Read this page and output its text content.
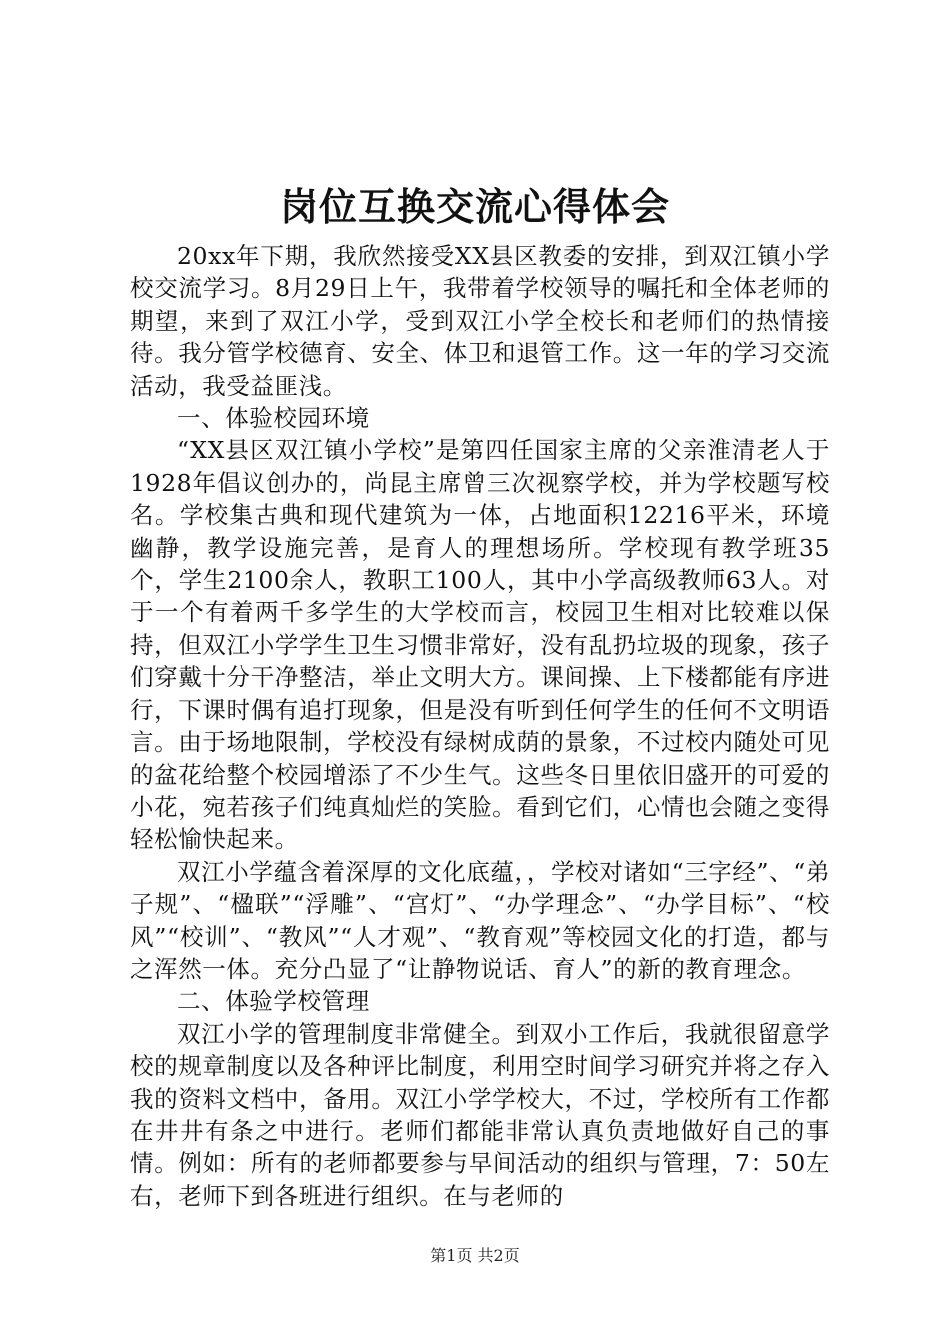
岗位互换交流心得体会

20xx年下期，我欣然接受XX县区教委的安排，到双江镇小学校交流学习。8月29日上午，我带着学校领导的嘱托和全体老师的期望，来到了双江小学，受到双江小学全校长和老师们的热情接待。我分管学校德育、安全、体卫和退管工作。这一年的学习交流活动，我受益匪浅。

一、体验校园环境

“XX县区双江镇小学校”是第四任国家主席的父亲淮清老人于1928年倡议创办的，尚昆主席曾三次视察学校，并为学校题写校名。学校集古典和现代建筑为一体，占地面积12216平米，环境幽静，教学设施完善，是育人的理想场所。学校现有教学班35个，学生2100余人，教职工100人，其中小学高级教师63人。对于一个有着两千多学生的大学校而言，校园卫生相对比较难以保持，但双江小学学生卫生习惯非常好，没有乱扔垃圾的现象，孩子们穿戴十分干净整洁，举止文明大方。课间操、上下楼都能有序进行，下课时偶有追打现象，但是没有听到任何学生的任何不文明语言。由于场地限制，学校没有绿树成荫的景象，不过校内随处可见的盆花给整个校园增添了不少生气。这些冬日里依旧盛开的可爱的小花，宛若孩子们纯真灿烂的笑脸。看到它们，心情也会随之变得轻松愉快起来。

双江小学蕴含着深厚的文化底蕴，，学校对诸如“三字经”、“弟子规”、“楹联”“浮雕”、“宫灯”、“办学理念”、“办学目标”、“校风”“校训”、“教风”“人才观”、“教育观”等校园文化的打造，都与之浑然一体。充分凸显了“让静物说话、育人”的新的教育理念。

二、体验学校管理

双江小学的管理制度非常健全。到双小工作后，我就很留意学校的规章制度以及各种评比制度，利用空时间学习研究并将之存入我的资料文档中，备用。双江小学学校大，不过，学校所有工作都在井井有条之中进行。老师们都能非常认真负责地做好自己的事情。例如：所有的老师都要参与早间活动的组织与管理，7：50左右，老师下到各班进行组织。在与老师的

第1页 共2页
